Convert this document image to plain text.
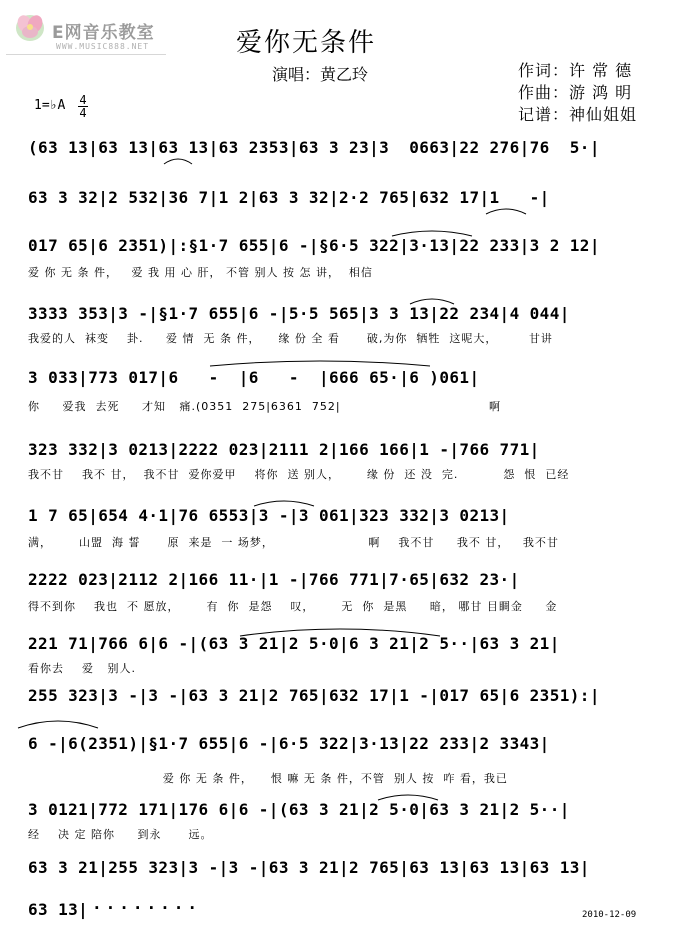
E网音乐教室
WWW.MUSIC888.NET	爱你无条件
演唱：黄乙玲	作词：许 常 德
作曲：游 鸿 明
记谱：神仙姐姐
1=♭A 4
4
(63 13|63 13|63 13|63 2353|63 3 23|3  0663|22 276|76  5·|
63 3 32|2 532|36 7|1 2|63 3 32|2·2 765|632 17|1   -|
017 65|6 2351)|:§1·7 655|6 -|§6·5 322|3·13|22 233|3 2 12|
爱 你 无 条 件，   爱 我 用 心 肝， 不管 别人 按 怎 讲，  相信
3333 353|3 -|§1·7 655|6 -|5·5 565|3 3 13|22 234|4 044|
我爱的人  袜变    卦.     爱 情  无 条 件，    缘 份 全 看      破,为你  牺牲  这呢大，       甘讲
3 033|773 017|6   -  |6   -  |666 65·|6 )061|
你     爱我  去死     才知   痛.(0351  275|6361  752|                                 啊
323 332|3 0213|2222 023|2111 2|166 166|1 -|766 771|
我不甘    我不 甘，  我不甘  爱你爱甲    将你  送 别人，      缘 份  还 没  完.          怨  恨  已经
1 7 65|654 4·1|76 6553|3 -|3 061|323 332|3 0213|
满，      山盟  海 誓      原  来是  一 场梦，                     啊    我不甘     我不 甘，   我不甘
2222 023|2112 2|166 11·|1 -|766 771|7·65|632 23·|
得不到你    我也  不 愿放，      有  你  是怨    叹，      无  你  是黑     暗， 哪甘 目睭金     金
221 71|766 6|6 -|(63 3 21|2 5·0|6 3 21|2 5··|63 3 21|
看你去    爱   别人.
255 323|3 -|3 -|63 3 21|2 765|632 17|1 -|017 65|6 2351):|
6 -|6(2351)|§1·7 655|6 -|6·5 322|3·13|22 233|2 3343|
爱 你 无 条 件，    恨 嘛 无 条 件，不管  别人 按  咋 看，我已
3 0121|772 171|176 6|6 -|(63 3 21|2 5·0|63 3 21|2 5··|
经    决 定 陪你     到永      远。
63 3 21|255 323|3 -|3 -|63 3 21|2 765|63 13|63 13|63 13|
63 13| ········	2010-12-09
